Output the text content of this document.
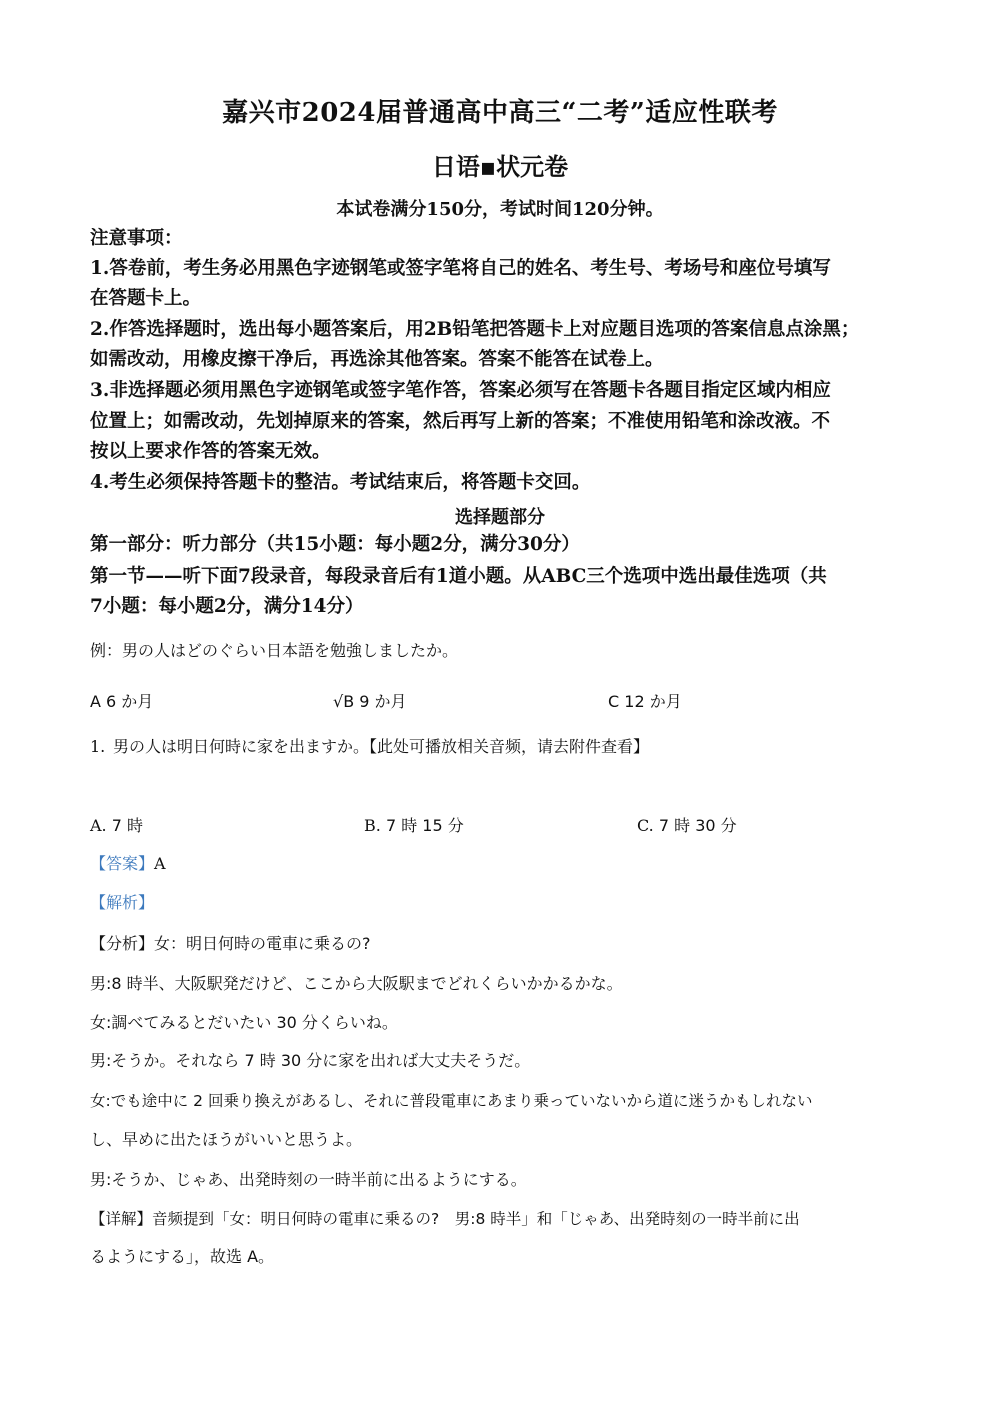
嘉兴市2024届普通高中高三“二考”适应性联考
日语▪状元卷
本试卷满分150分，考试时间120分钟。
注意事项：
1.答卷前，考生务必用黑色字迹钢笔或签字笔将自己的姓名、考生号、考场号和座位号填写
在答题卡上。
2.作答选择题时，选出每小题答案后，用2B铅笔把答题卡上对应题目选项的答案信息点涂黑；
如需改动，用橡皮擦干净后，再选涂其他答案。答案不能答在试卷上。
3.非选择题必须用黑色字迹钢笔或签字笔作答，答案必须写在答题卡各题目指定区域内相应
位置上；如需改动，先划掉原来的答案，然后再写上新的答案；不准使用铅笔和涂改液。不
按以上要求作答的答案无效。
4.考生必须保持答题卡的整洁。考试结束后，将答题卡交回。
选择题部分
第一部分：听力部分（共15小题：每小题2分，满分30分）
第一节——听下面7段录音，每段录音后有1道小题。从ABC三个选项中选出最佳选项（共
7小题：每小题2分，满分14分）
例：男の人はどのぐらい日本語を勉強しましたか。
A 6 か月	√B 9 か月	C 12 か月
1. 男の人は明日何時に家を出ますか。【此处可播放相关音频，请去附件查看】
A. 7 時	B. 7 時 15 分	C. 7 時 30 分
【答案】A
【解析】
【分析】女：明日何時の電車に乗るの?
男:8 時半、大阪駅発だけど、ここから大阪駅までどれくらいかかるかな。
女:調べてみるとだいたい 30 分くらいね。
男:そうか。それなら 7 時 30 分に家を出れば大丈夫そうだ。
女:でも途中に 2 回乗り換えがあるし、それに普段電車にあまり乗っていないから道に迷うかもしれない
し、早めに出たほうがいいと思うよ。
男:そうか、じゃあ、出発時刻の一時半前に出るようにする。
【详解】音频提到「女：明日何時の電車に乗るの?　男:8 時半」和「じゃあ、出発時刻の一時半前に出
るようにする」，故选 A。
